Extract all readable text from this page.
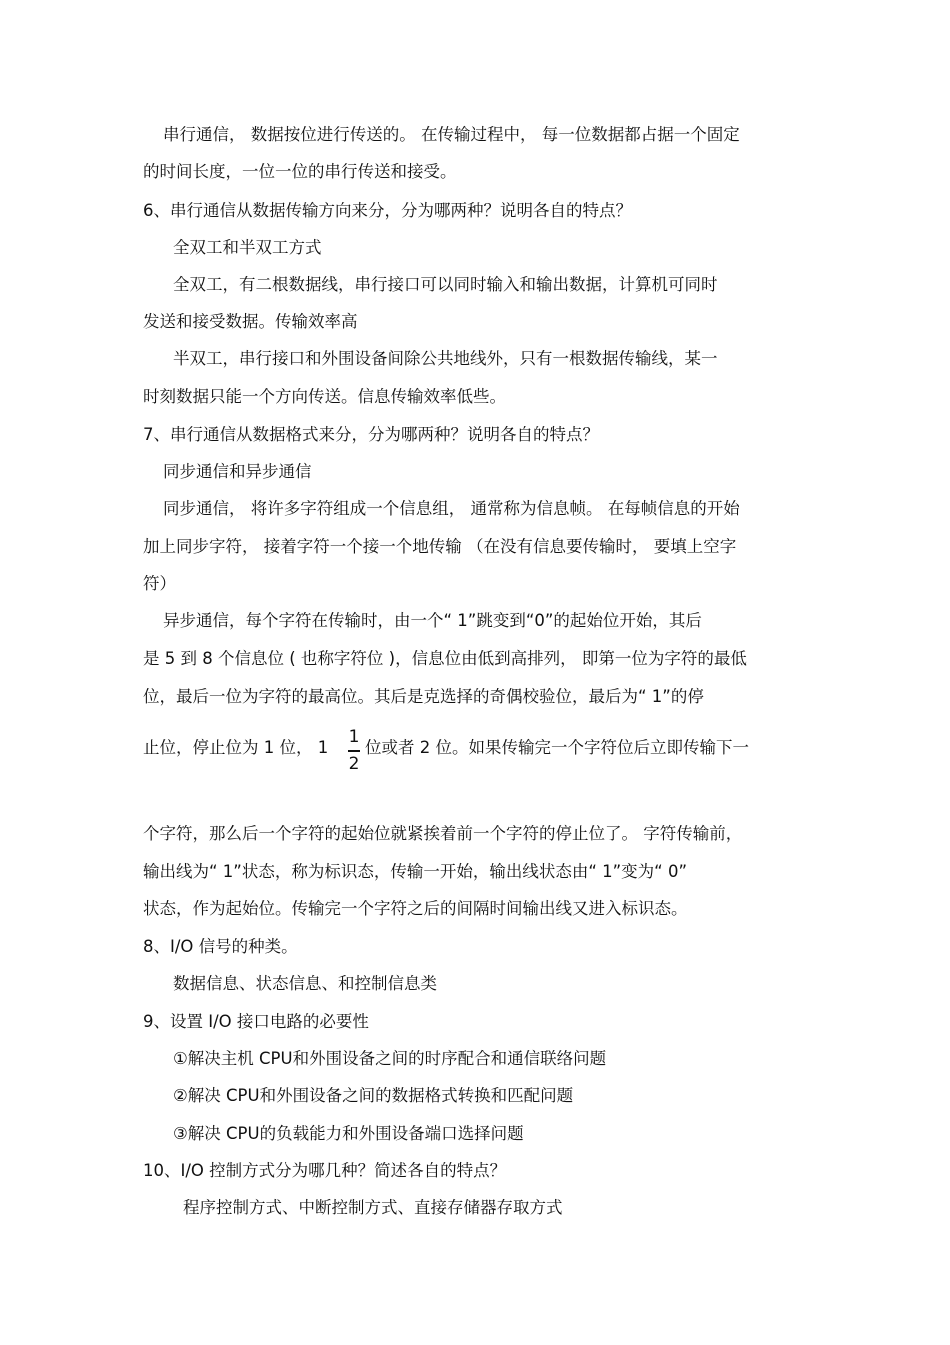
串行通信， 数据按位进行传送的。 在传输过程中， 每一位数据都占据一个固定
的时间长度，一位一位的串行传送和接受。
6、串行通信从数据传输方向来分，分为哪两种？说明各自的特点？
全双工和半双工方式
全双工，有二根数据线，串行接口可以同时输入和输出数据，计算机可同时
发送和接受数据。传输效率高
半双工，串行接口和外围设备间除公共地线外，只有一根数据传输线，某一
时刻数据只能一个方向传送。信息传输效率低些。
7、串行通信从数据格式来分，分为哪两种？说明各自的特点？
同步通信和异步通信
同步通信， 将许多字符组成一个信息组， 通常称为信息帧。 在每帧信息的开始
加上同步字符， 接着字符一个接一个地传输 （在没有信息要传输时， 要填上空字
符）
异步通信，每个字符在传输时，由一个“ 1”跳变到“0”的起始位开始，其后
是 5 到 8 个信息位 ( 也称字符位 )，信息位由低到高排列， 即第一位为字符的最低
位，最后一位为字符的最高位。其后是克选择的奇偶校验位，最后为“ 1”的停
止位，停止位为 1 位， 1
1
2
位或者 2 位。如果传输完一个字符位后立即传输下一
个字符，那么后一个字符的起始位就紧挨着前一个字符的停止位了。 字符传输前，
输出线为“ 1”状态，称为标识态，传输一开始，输出线状态由“ 1”变为“ 0”
状态，作为起始位。传输完一个字符之后的间隔时间输出线又进入标识态。
8、I/O 信号的种类。
数据信息、状态信息、和控制信息类
9、设置 I/O 接口电路的必要性
①解决主机 CPU和外围设备之间的时序配合和通信联络问题
②解决 CPU和外围设备之间的数据格式转换和匹配问题
③解决 CPU的负载能力和外围设备端口选择问题
10、I/O 控制方式分为哪几种？简述各自的特点？
程序控制方式、中断控制方式、直接存储器存取方式
